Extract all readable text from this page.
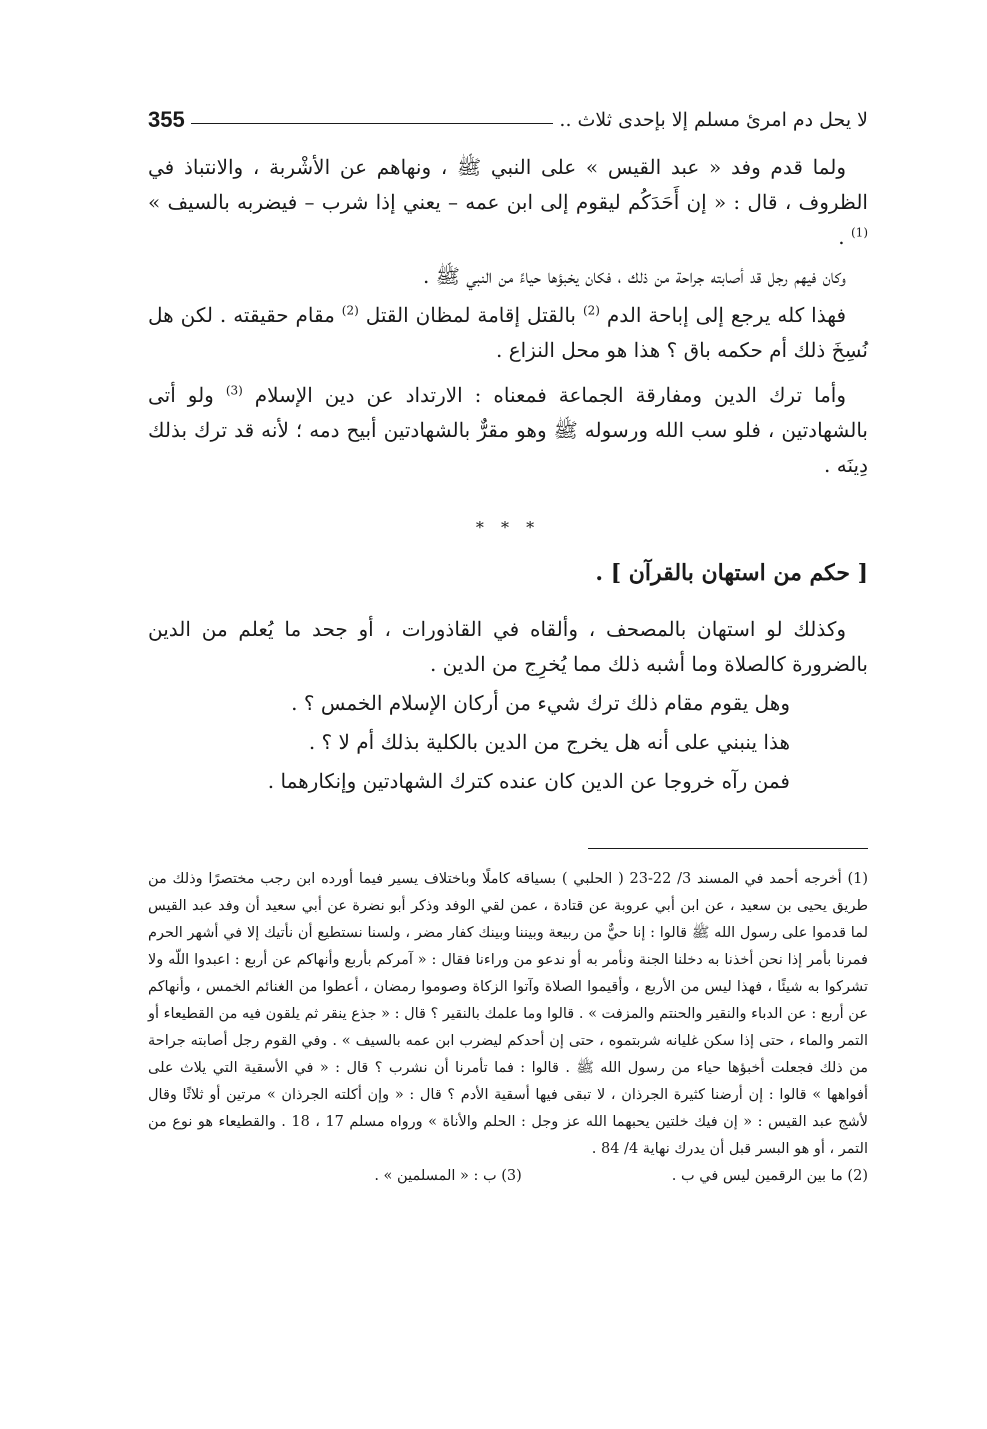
لا يحل دم امرئ مسلم إلا بإحدى ثلاث ..
355

ولما قدم وفد « عبد القيس » على النبي ﷺ ، ونهاهم عن الأشْربة ، والانتباذ في الظروف ، قال : « إن أَحَدَكُم ليقوم إلى ابن عمه – يعني إذا شرب – فيضربه بالسيف » $^{(1)}$ .

وكان فيهم رجل قد أصابته جراحة من ذلك ، فكان يخبؤها حياءً من النبي ﷺ .

فهذا كله يرجع إلى إباحة الدم $^{(2)}$ بالقتل إقامة لمظان القتل $^{(2)}$ مقام حقيقته . لكن هل نُسِخَ ذلك أم حكمه باق ؟ هذا هو محل النزاع .

وأما ترك الدين ومفارقة الجماعة فمعناه : الارتداد عن دين الإسلام $^{(3)}$ ولو أتى بالشهادتين ، فلو سب الله ورسوله ﷺ وهو مقرٌّ بالشهادتين أبيح دمه ؛ لأنه قد ترك بذلك دِينَه .

* * *
[ حكم من استهان بالقرآن ] .

وكذلك لو استهان بالمصحف ، وألقاه في القاذورات ، أو جحد ما يُعلم من الدين بالضرورة كالصلاة وما أشبه ذلك مما يُخرِج من الدين .

وهل يقوم مقام ذلك ترك شيء من أركان الإسلام الخمس ؟ .

هذا ينبني على أنه هل يخرج من الدين بالكلية بذلك أم لا ؟ .

فمن رآه خروجا عن الدين كان عنده كترك الشهادتين وإنكارهما .

(1) أخرجه أحمد في المسند 3/ 22-23 ( الحلبي ) بسياقه كاملًا وباختلاف يسير فيما أورده ابن رجب مختصرًا وذلك من طريق يحيى بن سعيد ، عن ابن أبي عروبة عن قتادة ، عمن لقي الوفد وذكر أبو نضرة عن أبي سعيد أن وفد عبد القيس لما قدموا على رسول الله ﷺ قالوا : إنا حيٌّ من ربيعة وبيننا وبينك كفار مضر ، ولسنا نستطيع أن نأتيك إلا في أشهر الحرم فمرنا بأمر إذا نحن أخذنا به دخلنا الجنة ونأمر به أو ندعو من وراءنا فقال : « آمركم بأربع وأنهاكم عن أربع : اعبدوا اللّه ولا تشركوا به شيئًا ، فهذا ليس من الأربع ، وأقيموا الصلاة وآتوا الزكاة وصوموا رمضان ، أعطوا من الغنائم الخمس ، وأنهاكم عن أربع : عن الدباء والنقير والحنتم والمزفت » . قالوا وما علمك بالنقير ؟ قال : « جذع ينقر ثم يلقون فيه من القطيعاء أو التمر والماء ، حتى إذا سكن غليانه شربتموه ، حتى إن أحدكم ليضرب ابن عمه بالسيف » . وفي القوم رجل أصابته جراحة من ذلك فجعلت أخبؤها حياء من رسول الله ﷺ . قالوا : فما تأمرنا أن نشرب ؟ قال : « في الأسقية التي يلاث على أفواهها » قالوا : إن أرضنا كثيرة الجرذان ، لا تبقى فيها أسقية الأدم ؟ قال : « وإن أكلته الجرذان » مرتين أو ثلاثًا وقال لأشج عبد القيس : « إن فيك خلتين يحبهما الله عز وجل : الحلم والأناة » ورواه مسلم 17 ، 18 . والقطيعاء هو نوع من التمر ، أو هو البسر قبل أن يدرك نهاية 4/ 84 .

(2) ما بين الرقمين ليس في ب .
(3) ب : « المسلمين » .
